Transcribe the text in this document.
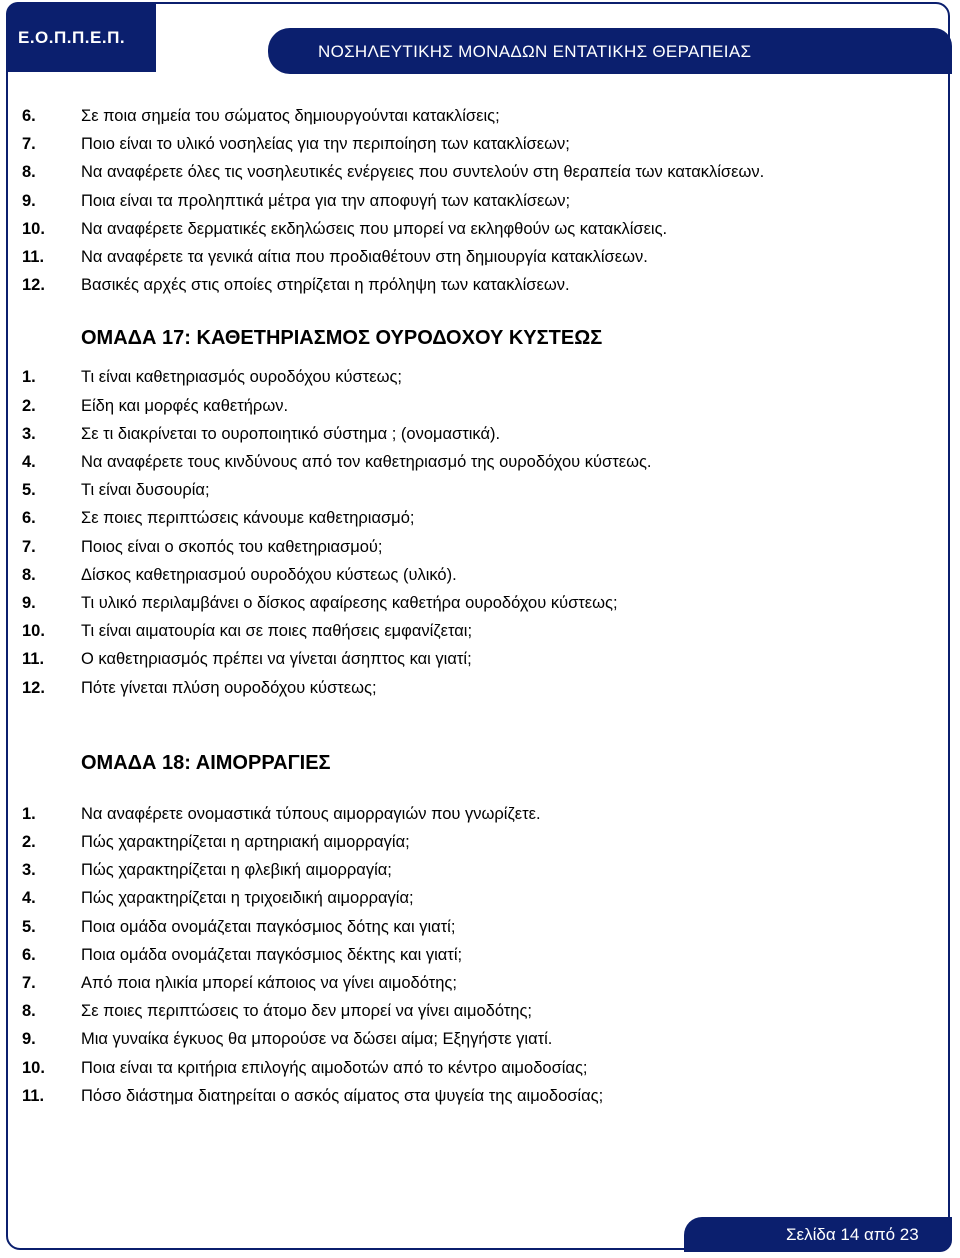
Ε.Ο.Π.Π.Ε.Π.
ΝΟΣΗΛΕΥΤΙΚΗΣ ΜΟΝΑΔΩΝ ΕΝΤΑΤΙΚΗΣ ΘΕΡΑΠΕΙΑΣ
6.	Σε ποια σημεία του σώματος δημιουργούνται κατακλίσεις;
7.	Ποιο είναι το υλικό νοσηλείας για την περιποίηση των κατακλίσεων;
8.	Να αναφέρετε όλες τις νοσηλευτικές ενέργειες που συντελούν στη θεραπεία των κατακλίσεων.
9.	Ποια είναι τα προληπτικά μέτρα για την αποφυγή των κατακλίσεων;
10.	Να αναφέρετε δερματικές εκδηλώσεις που μπορεί να εκληφθούν ως κατακλίσεις.
11.	Να αναφέρετε τα γενικά αίτια που προδιαθέτουν στη δημιουργία κατακλίσεων.
12.	Βασικές αρχές στις οποίες στηρίζεται η πρόληψη των κατακλίσεων.
ΟΜΑΔΑ 17: ΚΑΘΕΤΗΡΙΑΣΜΟΣ ΟΥΡΟΔΟΧΟΥ ΚΥΣΤΕΩΣ
1.	Τι είναι καθετηριασμός ουροδόχου κύστεως;
2.	Είδη και μορφές καθετήρων.
3.	Σε τι διακρίνεται το ουροποιητικό σύστημα ; (ονομαστικά).
4.	Να αναφέρετε τους κινδύνους από τον καθετηριασμό της ουροδόχου κύστεως.
5.	Τι είναι δυσουρία;
6.	Σε ποιες περιπτώσεις κάνουμε καθετηριασμό;
7.	Ποιος είναι ο σκοπός του καθετηριασμού;
8.	Δίσκος καθετηριασμού ουροδόχου κύστεως (υλικό).
9.	Τι υλικό περιλαμβάνει ο δίσκος αφαίρεσης καθετήρα ουροδόχου κύστεως;
10.	Τι είναι αιματουρία και σε ποιες παθήσεις εμφανίζεται;
11.	Ο καθετηριασμός πρέπει να γίνεται άσηπτος και γιατί;
12.	Πότε γίνεται πλύση ουροδόχου κύστεως;
ΟΜΑΔΑ 18: ΑΙΜΟΡΡΑΓΙΕΣ
1.	Να αναφέρετε ονομαστικά τύπους αιμορραγιών που γνωρίζετε.
2.	Πώς χαρακτηρίζεται η αρτηριακή αιμορραγία;
3.	Πώς χαρακτηρίζεται η φλεβική αιμορραγία;
4.	Πώς χαρακτηρίζεται η τριχοειδική αιμορραγία;
5.	Ποια ομάδα ονομάζεται παγκόσμιος δότης και γιατί;
6.	Ποια ομάδα ονομάζεται παγκόσμιος δέκτης και γιατί;
7.	Από ποια ηλικία μπορεί κάποιος να γίνει αιμοδότης;
8.	Σε ποιες περιπτώσεις το άτομο δεν μπορεί να γίνει αιμοδότης;
9.	Μια γυναίκα έγκυος θα μπορούσε να δώσει αίμα; Εξηγήστε γιατί.
10.	Ποια είναι τα κριτήρια επιλογής αιμοδοτών από το κέντρο αιμοδοσίας;
11.	Πόσο διάστημα διατηρείται ο ασκός αίματος στα ψυγεία της αιμοδοσίας;
Σελίδα 14 από 23
